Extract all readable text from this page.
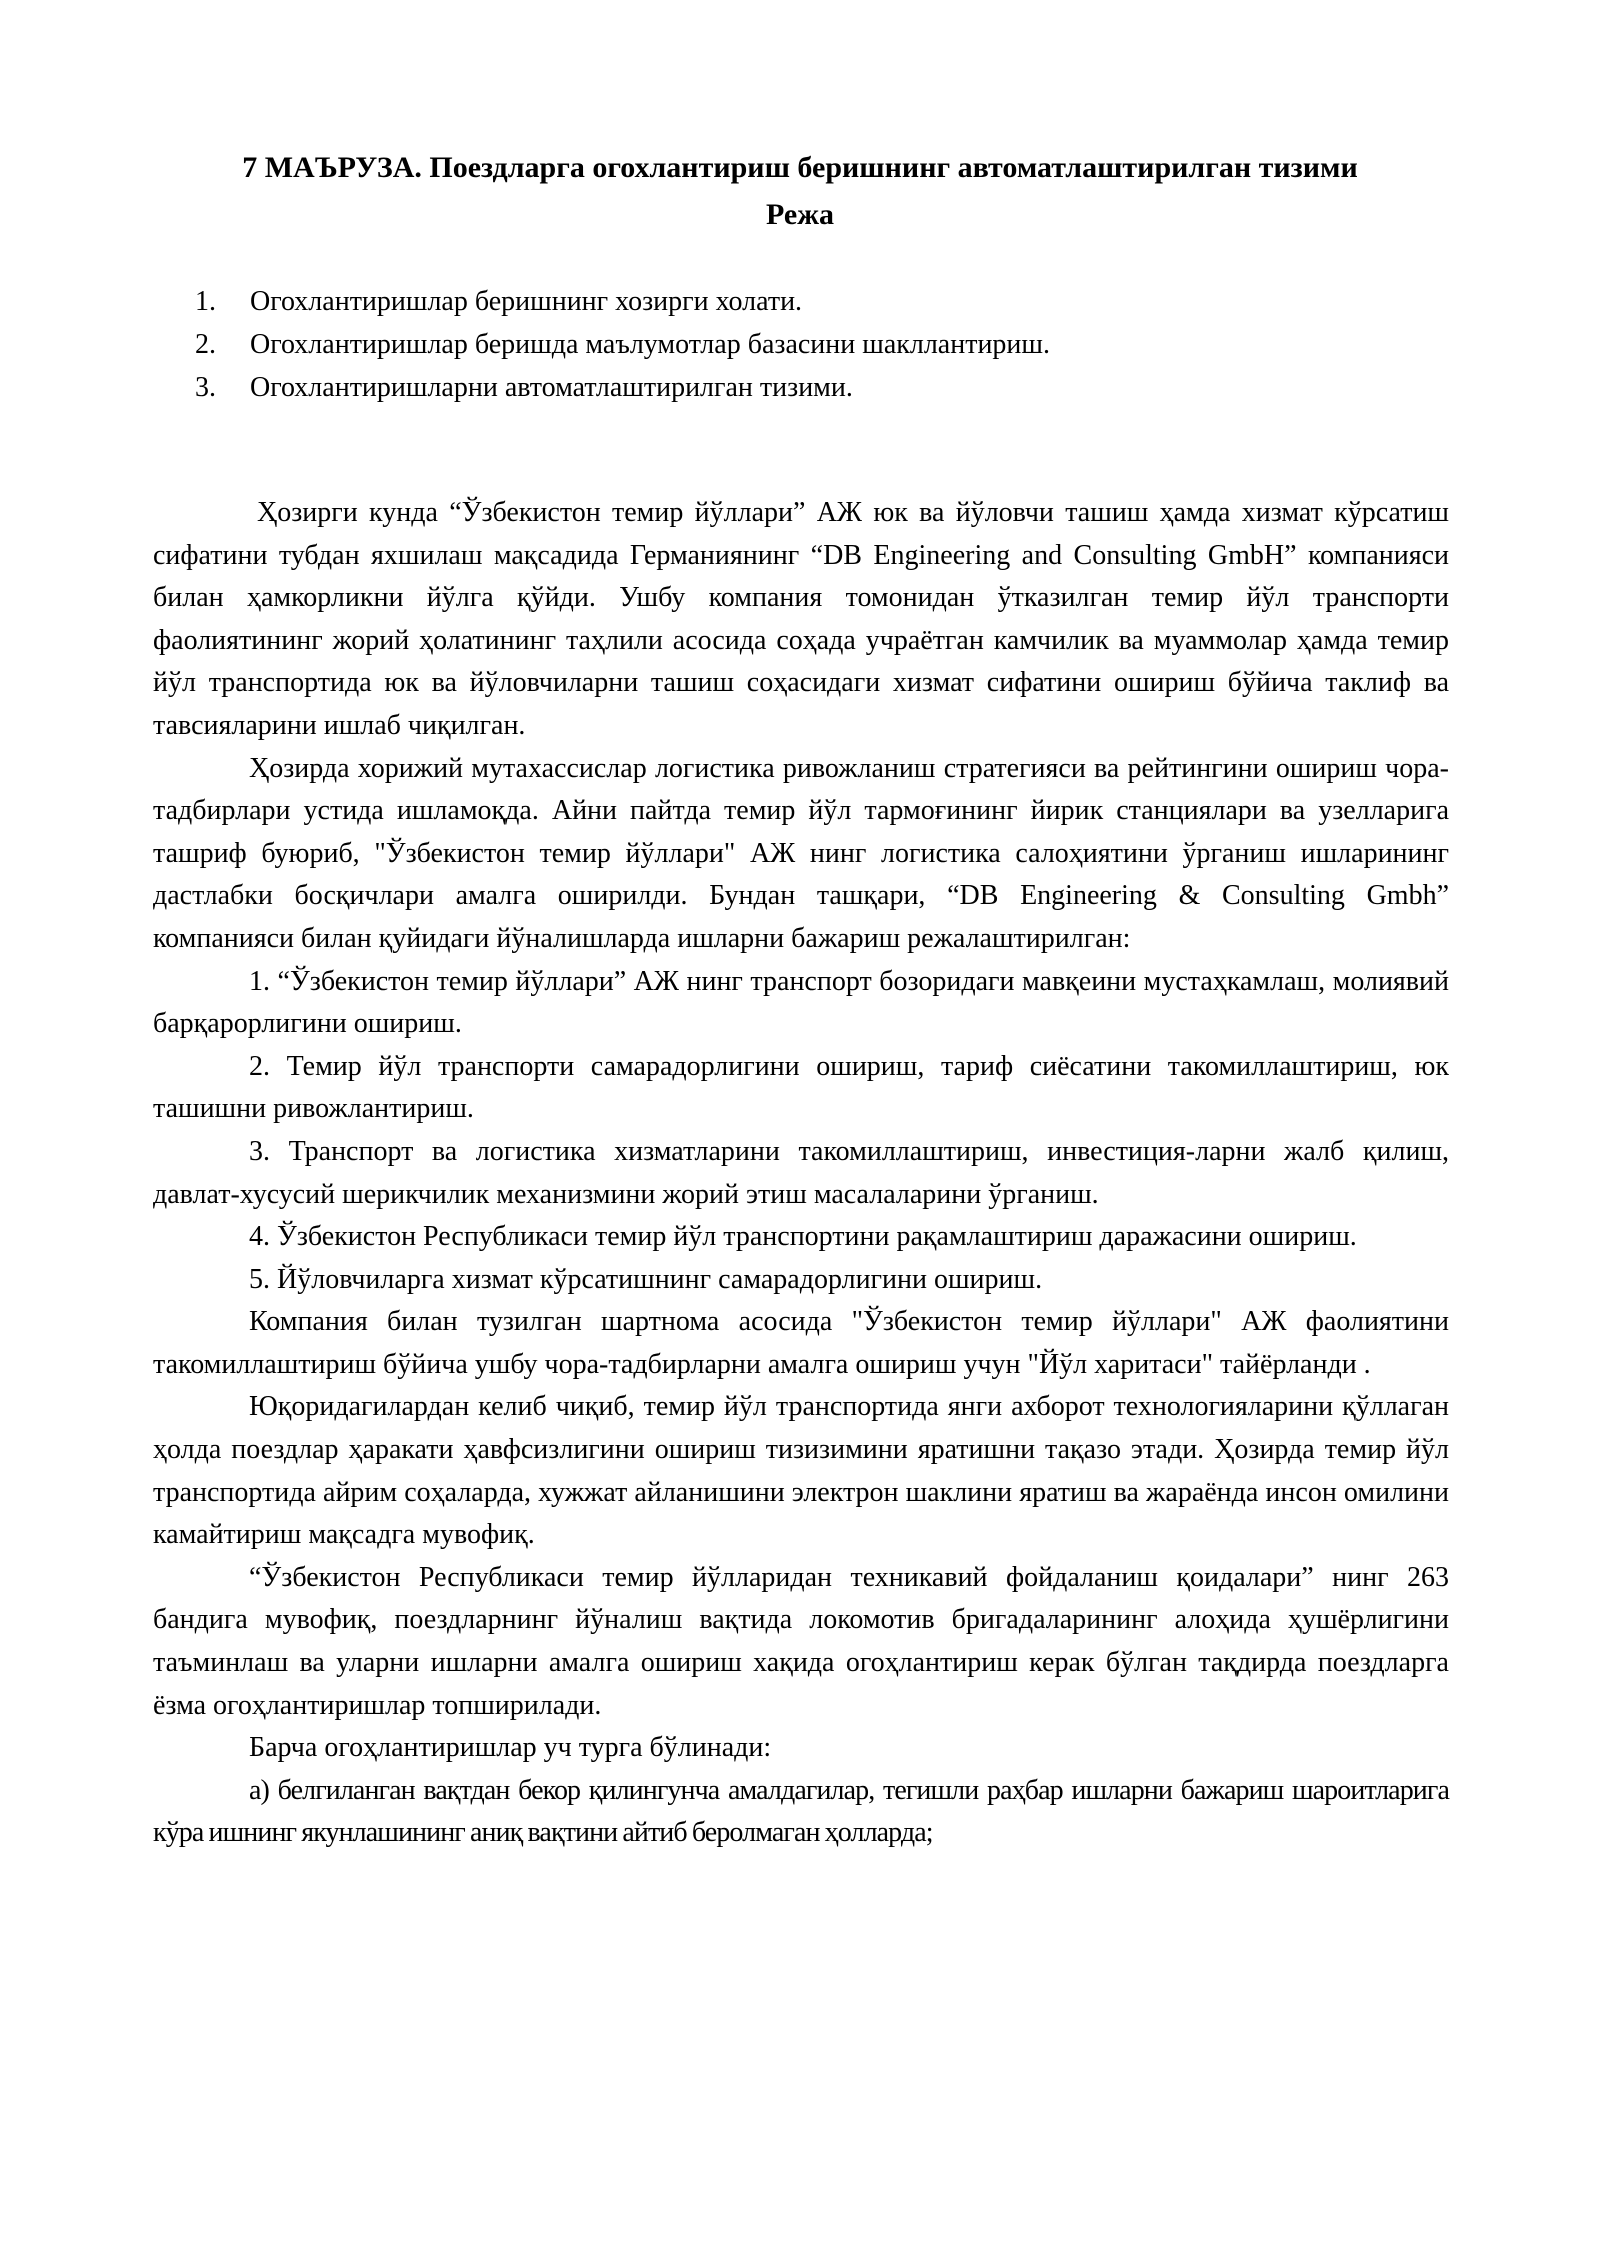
7 МАЪРУЗА. Поездларга огохлантириш беришнинг автоматлаштирилган тизими
Режа
1. Огохлантиришлар беришнинг хозирги холати.
2. Огохлантиришлар беришда маълумотлар базасини шакллантириш.
3. Огохлантиришларни автоматлаштирилган тизими.

Ҳозирги кунда “Ўзбекистон темир йўллари” АЖ юк ва йўловчи ташиш ҳамда хизмат кўрсатиш сифатини тубдан яхшилаш мақсадида Германиянинг “DB Engineering and Consulting GmbH” компанияси билан ҳамкорликни йўлга қўйди. Ушбу компания томонидан ўтказилган темир йўл транспорти фаолиятининг жорий ҳолатининг таҳлили асосида соҳада учраётган камчилик ва муаммолар ҳамда темир йўл транспортида юк ва йўловчиларни ташиш соҳасидаги хизмат сифатини ошириш бўйича таклиф ва тавсияларини ишлаб чиқилган.

Ҳозирда хорижий мутахассислар логистика ривожланиш стратегияси ва рейтингини ошириш чора-тадбирлари устида ишламоқда. Айни пайтда темир йўл тармоғининг йирик станциялари ва узелларига ташриф буюриб, "Ўзбекистон темир йўллари" АЖ нинг логистика салоҳиятини ўрганиш ишларининг дастлабки босқичлари амалга оширилди. Бундан ташқари, “DB Engineering & Consulting Gmbh” компанияси билан қуйидаги йўналишларда ишларни бажариш режалаштирилган:

1. “Ўзбекистон темир йўллари” АЖ нинг транспорт бозоридаги мавқеини мустаҳкамлаш, молиявий барқарорлигини ошириш.

2. Темир йўл транспорти самарадорлигини ошириш, тариф сиёсатини такомиллаштириш, юк ташишни ривожлантириш.

3. Транспорт ва логистика хизматларини такомиллаштириш, инвестиция-ларни жалб қилиш, давлат-хусусий шерикчилик механизмини жорий этиш масалаларини ўрганиш.

4. Ўзбекистон Республикаси темир йўл транспортини рақамлаштириш даражасини ошириш.

5. Йўловчиларга хизмат кўрсатишнинг самарадорлигини ошириш.

Компания билан тузилган шартнома асосида "Ўзбекистон темир йўллари" АЖ фаолиятини такомиллаштириш бўйича ушбу чора-тадбирларни амалга ошириш учун "Йўл харитаси" тайёрланди .

Юқоридагилардан келиб чиқиб, темир йўл транспортида янги ахборот технологияларини қўллаган ҳолда поездлар ҳаракати ҳавфсизлигини ошириш тизизимини яратишни тақазо этади. Ҳозирда темир йўл транспортида айрим соҳаларда, хужжат айланишини электрон шаклини яратиш ва жараёнда инсон омилини камайтириш мақсадга мувофиқ.

“Ўзбекистон Республикаси темир йўлларидан техникавий фойдаланиш қоидалари” нинг 263 бандига мувофиқ, поездларнинг йўналиш вақтида локомотив бригадаларининг алоҳида ҳушёрлигини таъминлаш ва уларни ишларни амалга ошириш хақида огоҳлантириш керак бўлган тақдирда поездларга ёзма огоҳлантиришлар топширилади.

Барча огоҳлантиришлар уч турга бўлинади:

а) белгиланган вақтдан бекор қилингунча амалдагилар, тегишли раҳбар ишларни бажариш шароитларига кўра ишнинг якунлашининг аниқ вақтини айтиб беролмаган ҳолларда;
